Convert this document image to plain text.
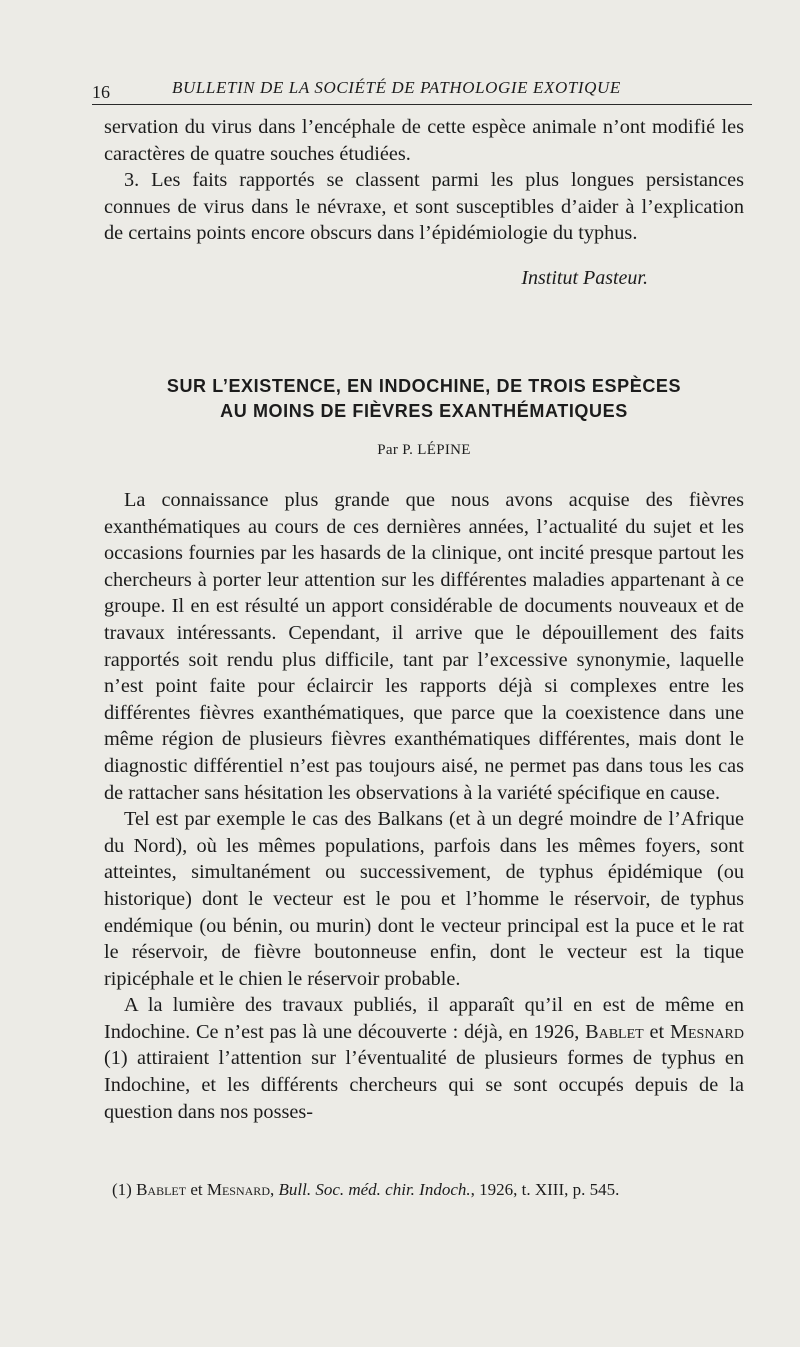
16	BULLETIN DE LA SOCIÉTÉ DE PATHOLOGIE EXOTIQUE

servation du virus dans l’encéphale de cette espèce animale n’ont modifié les caractères de quatre souches étudiées.

3. Les faits rapportés se classent parmi les plus longues persistances connues de virus dans le névraxe, et sont susceptibles d’aider à l’explication de certains points encore obscurs dans l’épidémiologie du typhus.

Institut Pasteur.
SUR L’EXISTENCE, EN INDOCHINE, DE TROIS ESPÈCES
AU MOINS DE FIÈVRES EXANTHÉMATIQUES
Par P. LÉPINE

La connaissance plus grande que nous avons acquise des fièvres exanthématiques au cours de ces dernières années, l’actualité du sujet et les occasions fournies par les hasards de la clinique, ont incité presque partout les chercheurs à porter leur attention sur les différentes maladies appartenant à ce groupe. Il en est résulté un apport considérable de documents nouveaux et de travaux intéressants. Cependant, il arrive que le dépouillement des faits rapportés soit rendu plus difficile, tant par l’excessive synonymie, laquelle n’est point faite pour éclaircir les rapports déjà si complexes entre les différentes fièvres exanthématiques, que parce que la coexistence dans une même région de plusieurs fièvres exanthématiques différentes, mais dont le diagnostic différentiel n’est pas toujours aisé, ne permet pas dans tous les cas de rattacher sans hésitation les observations à la variété spécifique en cause.

Tel est par exemple le cas des Balkans (et à un degré moindre de l’Afrique du Nord), où les mêmes populations, parfois dans les mêmes foyers, sont atteintes, simultanément ou successivement, de typhus épidémique (ou historique) dont le vecteur est le pou et l’homme le réservoir, de typhus endémique (ou bénin, ou murin) dont le vecteur principal est la puce et le rat le réservoir, de fièvre boutonneuse enfin, dont le vecteur est la tique ripicéphale et le chien le réservoir probable.

A la lumière des travaux publiés, il apparaît qu’il en est de même en Indochine. Ce n’est pas là une découverte : déjà, en 1926, Bablet et Mesnard (1) attiraient l’attention sur l’éventualité de plusieurs formes de typhus en Indochine, et les différents chercheurs qui se sont occupés depuis de la question dans nos posses-

(1) Bablet et Mesnard, Bull. Soc. méd. chir. Indoch., 1926, t. XIII, p. 545.
